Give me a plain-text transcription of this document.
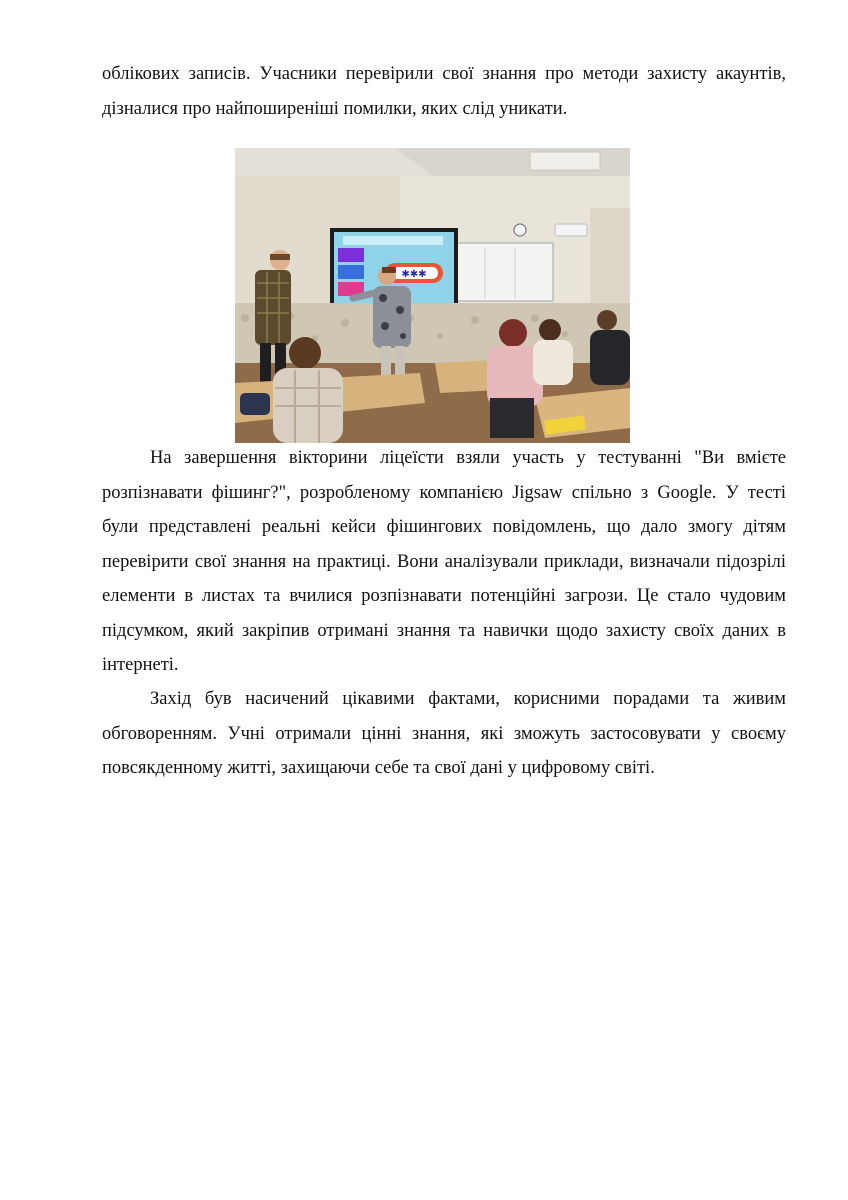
облікових записів. Учасники перевірили свої знання про методи захисту акаунтів, дізналися про найпоширеніші помилки, яких слід уникати.

✱✱✱

На завершення вікторини ліцеїсти взяли участь у тестуванні "Ви вмієте розпізнавати фішинг?", розробленому компанією Jigsaw спільно з Google. У тесті були представлені реальні кейси фішингових повідомлень, що дало змогу дітям перевірити свої знання на практиці. Вони аналізували приклади, визначали підозрілі елементи в листах та вчилися розпізнавати потенційні загрози. Це стало чудовим підсумком, який закріпив отримані знання та навички щодо захисту своїх даних в інтернеті.

Захід був насичений цікавими фактами, корисними порадами та живим обговоренням. Учні отримали цінні знання, які зможуть застосовувати у своєму повсякденному житті, захищаючи себе та свої дані у цифровому світі.
